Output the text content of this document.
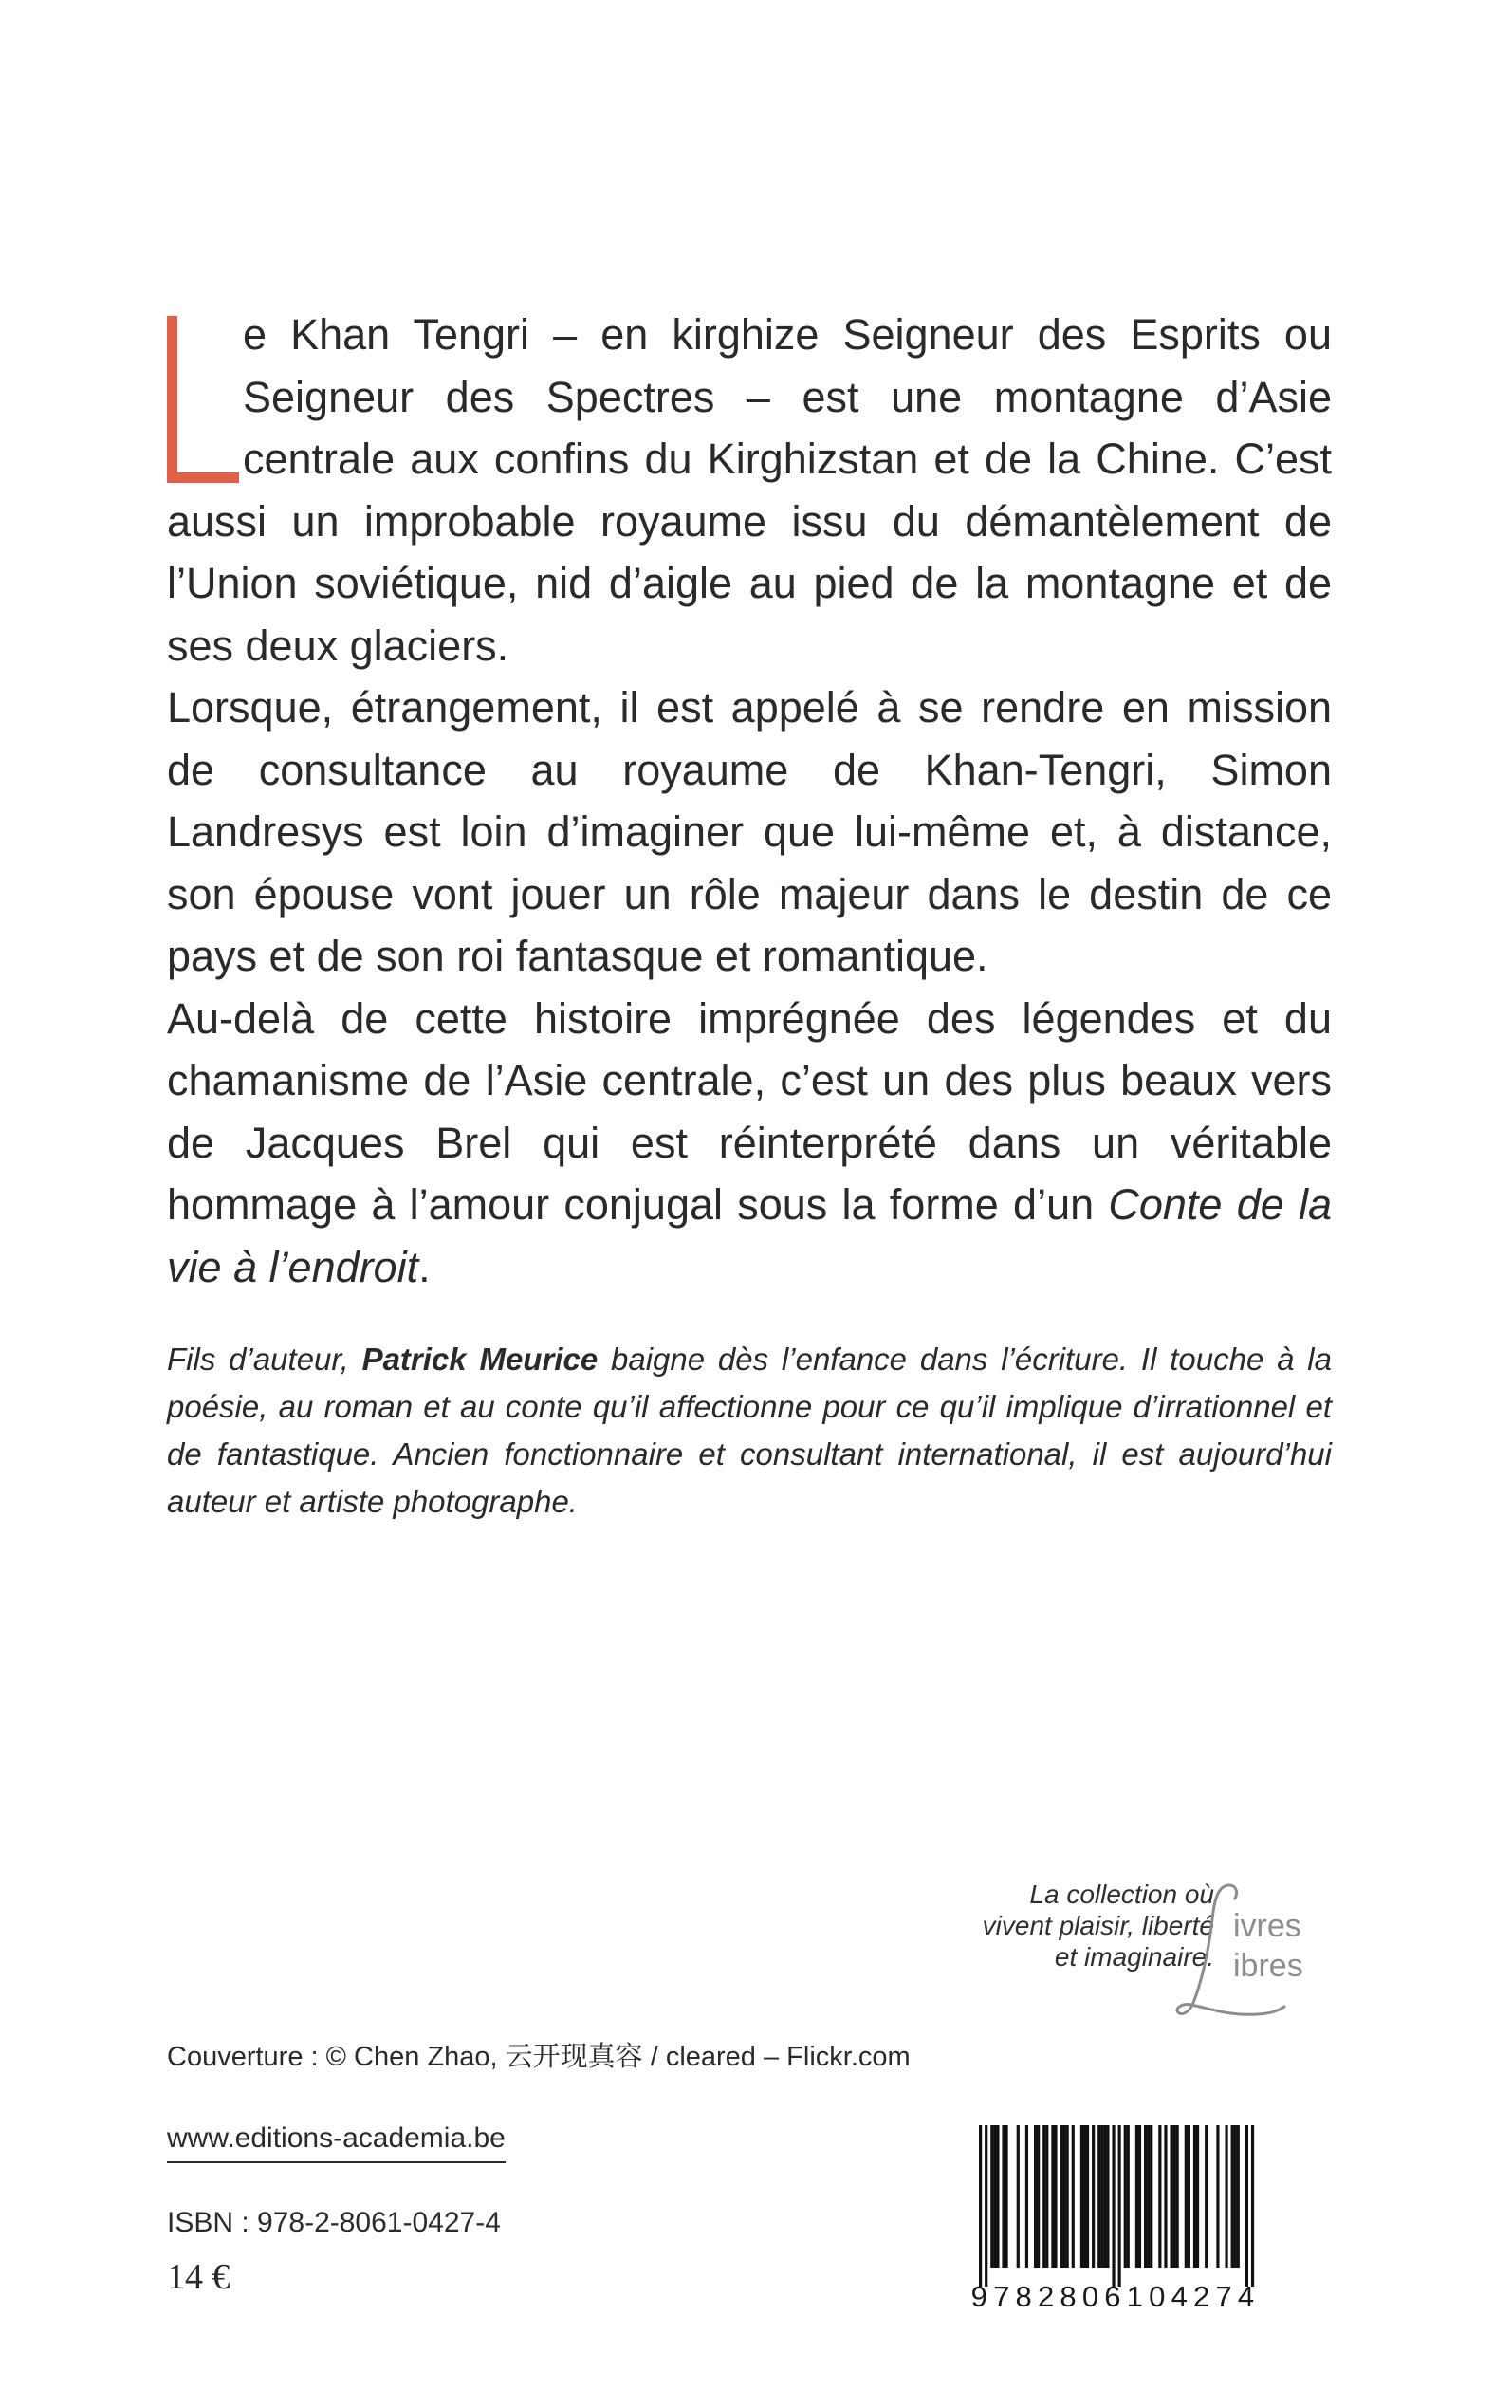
e Khan Tengri – en kirghize Seigneur des Esprits ou Seigneur des Spectres – est une montagne d’Asie centrale aux confins du Kirghizstan et de la Chine. C’est aussi un improbable royaume issu du démantèlement de l’Union soviétique, nid d’aigle au pied de la montagne et de ses deux glaciers.

Lorsque, étrangement, il est appelé à se rendre en mission de consultance au royaume de Khan-Tengri, Simon Landresys est loin d’imaginer que lui-même et, à distance, son épouse vont jouer un rôle majeur dans le destin de ce pays et de son roi fantasque et romantique.

Au-delà de cette histoire imprégnée des légendes et du chamanisme de l’Asie centrale, c’est un des plus beaux vers de Jacques Brel qui est réinterprété dans un véritable hommage à l’amour conjugal sous la forme d’un Conte de la vie à l’endroit.

Fils d’auteur, Patrick Meurice baigne dès l’enfance dans l’écriture. Il touche à la poésie, au roman et au conte qu’il affectionne pour ce qu’il implique d’irrationnel et de fantastique. Ancien fonctionnaire et consultant international, il est aujourd’hui auteur et artiste photographe.

La collection où
vivent plaisir, liberté
et imaginaire.
ivres
ibres
Couverture : © Chen Zhao, 云开现真容 / cleared – Flickr.com
www.editions-academia.be
ISBN : 978-2-8061-0427-4
14 €	9782806104274
